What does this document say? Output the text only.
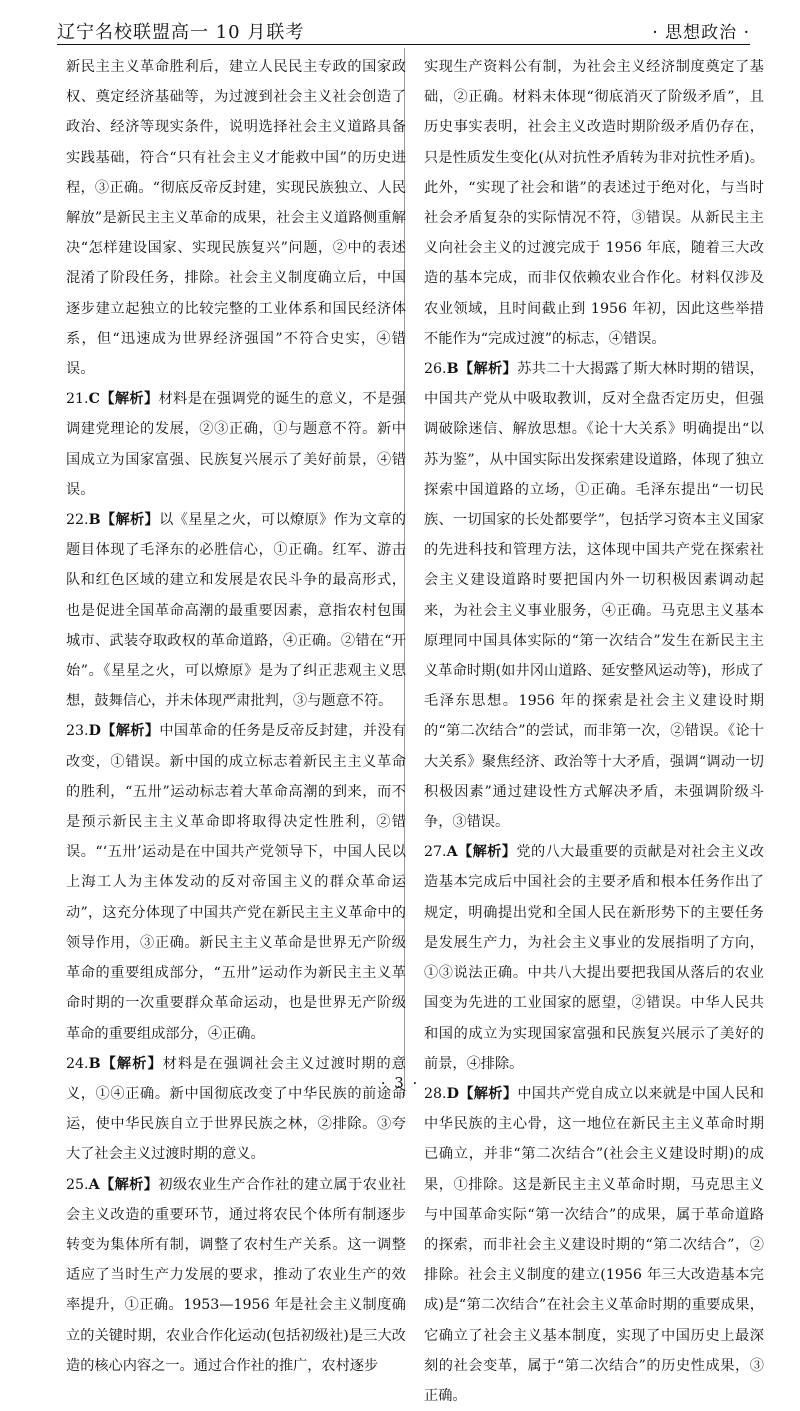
辽宁名校联盟高一 10 月联考	· 思想政治 ·

新民主主义革命胜利后，建立人民民主专政的国家政权、奠定经济基础等，为过渡到社会主义社会创造了政治、经济等现实条件，说明选择社会主义道路具备实践基础，符合“只有社会主义才能救中国”的历史进程，③正确。“彻底反帝反封建，实现民族独立、人民解放”是新民主主义革命的成果，社会主义道路侧重解决“怎样建设国家、实现民族复兴”问题，②中的表述混淆了阶段任务，排除。社会主义制度确立后，中国逐步建立起独立的比较完整的工业体系和国民经济体系，但“迅速成为世界经济强国”不符合史实，④错误。

21.C【解析】材料是在强调党的诞生的意义，不是强调建党理论的发展，②③正确，①与题意不符。新中国成立为国家富强、民族复兴展示了美好前景，④错误。

22.B【解析】以《星星之火，可以燎原》作为文章的题目体现了毛泽东的必胜信心，①正确。红军、游击队和红色区域的建立和发展是农民斗争的最高形式，也是促进全国革命高潮的最重要因素，意指农村包围城市、武装夺取政权的革命道路，④正确。②错在“开始”。《星星之火，可以燎原》是为了纠正悲观主义思想，鼓舞信心，并未体现严肃批判，③与题意不符。

23.D【解析】中国革命的任务是反帝反封建，并没有改变，①错误。新中国的成立标志着新民主主义革命的胜利，“五卅”运动标志着大革命高潮的到来，而不是预示新民主主义革命即将取得决定性胜利，②错误。“‘五卅’运动是在中国共产党领导下，中国人民以上海工人为主体发动的反对帝国主义的群众革命运动”，这充分体现了中国共产党在新民主主义革命中的领导作用，③正确。新民主主义革命是世界无产阶级革命的重要组成部分，“五卅”运动作为新民主主义革命时期的一次重要群众革命运动，也是世界无产阶级革命的重要组成部分，④正确。

24.B【解析】材料是在强调社会主义过渡时期的意义，①④正确。新中国彻底改变了中华民族的前途命运，使中华民族自立于世界民族之林，②排除。③夸大了社会主义过渡时期的意义。

25.A【解析】初级农业生产合作社的建立属于农业社会主义改造的重要环节，通过将农民个体所有制逐步转变为集体所有制，调整了农村生产关系。这一调整适应了当时生产力发展的要求，推动了农业生产的效率提升，①正确。1953—1956 年是社会主义制度确立的关键时期，农业合作化运动(包括初级社)是三大改造的核心内容之一。通过合作社的推广，农村逐步

实现生产资料公有制，为社会主义经济制度奠定了基础，②正确。材料未体现“彻底消灭了阶级矛盾”，且历史事实表明，社会主义改造时期阶级矛盾仍存在，只是性质发生变化(从对抗性矛盾转为非对抗性矛盾)。此外，“实现了社会和谐”的表述过于绝对化，与当时社会矛盾复杂的实际情况不符，③错误。从新民主主义向社会主义的过渡完成于 1956 年底，随着三大改造的基本完成，而非仅依赖农业合作化。材料仅涉及农业领域，且时间截止到 1956 年初，因此这些举措不能作为“完成过渡”的标志，④错误。

26.B【解析】苏共二十大揭露了斯大林时期的错误，中国共产党从中吸取教训，反对全盘否定历史，但强调破除迷信、解放思想。《论十大关系》明确提出“以苏为鉴”，从中国实际出发探索建设道路，体现了独立探索中国道路的立场，①正确。毛泽东提出“一切民族、一切国家的长处都要学”，包括学习资本主义国家的先进科技和管理方法，这体现中国共产党在探索社会主义建设道路时要把国内外一切积极因素调动起来，为社会主义事业服务，④正确。马克思主义基本原理同中国具体实际的“第一次结合”发生在新民主主义革命时期(如井冈山道路、延安整风运动等)，形成了毛泽东思想。1956 年的探索是社会主义建设时期的“第二次结合”的尝试，而非第一次，②错误。《论十大关系》聚焦经济、政治等十大矛盾，强调“调动一切积极因素”通过建设性方式解决矛盾，未强调阶级斗争，③错误。

27.A【解析】党的八大最重要的贡献是对社会主义改造基本完成后中国社会的主要矛盾和根本任务作出了规定，明确提出党和全国人民在新形势下的主要任务是发展生产力，为社会主义事业的发展指明了方向，①③说法正确。中共八大提出要把我国从落后的农业国变为先进的工业国家的愿望，②错误。中华人民共和国的成立为实现国家富强和民族复兴展示了美好的前景，④排除。

28.D【解析】中国共产党自成立以来就是中国人民和中华民族的主心骨，这一地位在新民主主义革命时期已确立，并非“第二次结合”(社会主义建设时期)的成果，①排除。这是新民主主义革命时期，马克思主义与中国革命实际“第一次结合”的成果，属于革命道路的探索，而非社会主义建设时期的“第二次结合”，②排除。社会主义制度的建立(1956 年三大改造基本完成)是“第二次结合”在社会主义革命时期的重要成果，它确立了社会主义基本制度，实现了中国历史上最深刻的社会变革，属于“第二次结合”的历史性成果，③正确。

· 3 ·
